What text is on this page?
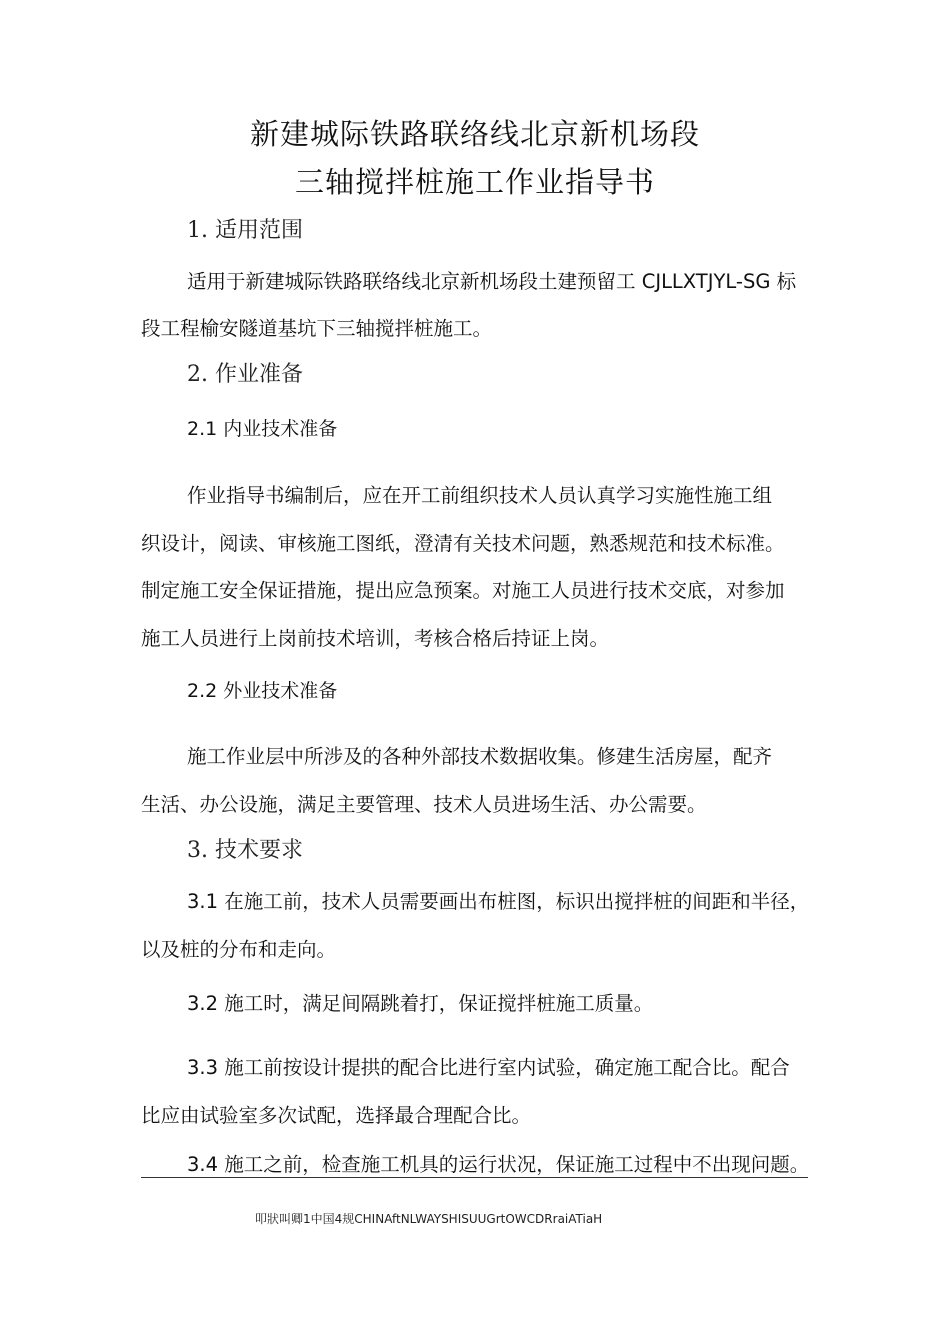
新建城际铁路联络线北京新机场段
三轴搅拌桩施工作业指导书
1. 适用范围
适用于新建城际铁路联络线北京新机场段土建预留工 CJLLXTJYL-SG 标
段工程榆安隧道基坑下三轴搅拌桩施工。
2. 作业准备
2.1 内业技术准备
作业指导书编制后，应在开工前组织技术人员认真学习实施性施工组
织设计，阅读、审核施工图纸，澄清有关技术问题，熟悉规范和技术标准。
制定施工安全保证措施，提出应急预案。对施工人员进行技术交底，对参加
施工人员进行上岗前技术培训，考核合格后持证上岗。
2.2 外业技术准备
施工作业层中所涉及的各种外部技术数据收集。修建生活房屋，配齐
生活、办公设施，满足主要管理、技术人员进场生活、办公需要。
3. 技术要求
3.1 在施工前，技术人员需要画出布桩图，标识出搅拌桩的间距和半径，
以及桩的分布和走向。
3.2 施工时，满足间隔跳着打，保证搅拌桩施工质量。
3.3 施工前按设计提拱的配合比进行室内试验，确定施工配合比。配合
比应由试验室多次试配，选择最合理配合比。
3.4 施工之前，检查施工机具的运行状况，保证施工过程中不出现问题。
叩狀叫卿1中国4规CHINAftNLWAYSHISUUGrtOWCDRraiATiaH
